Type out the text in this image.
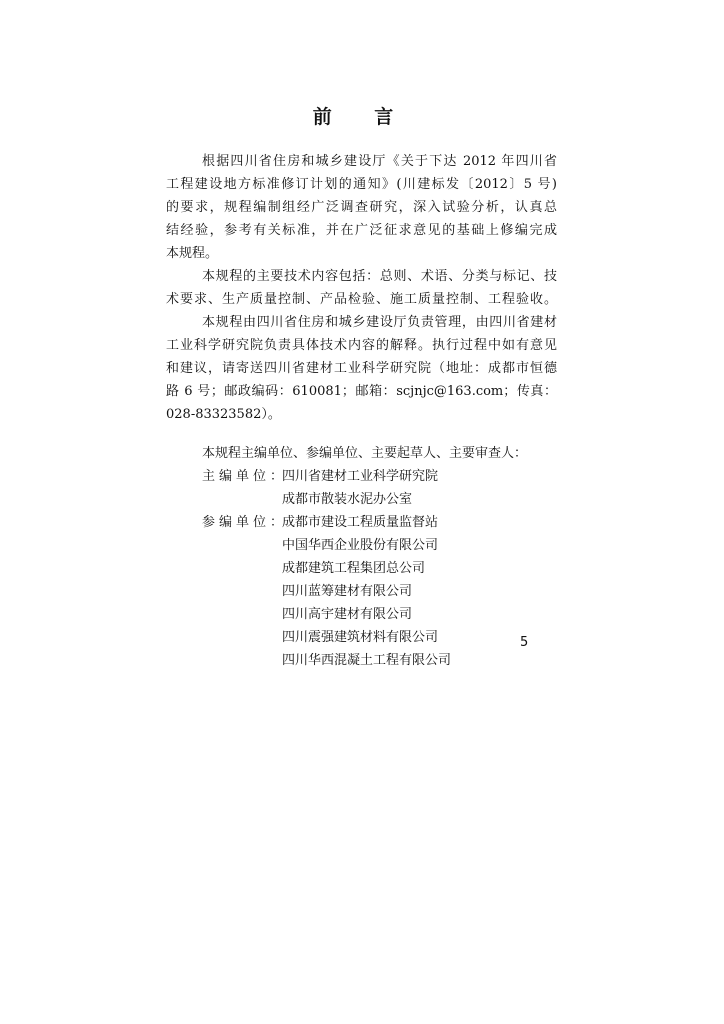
前 言
根据四川省住房和城乡建设厅《关于下达 2012 年四川省
工程建设地方标准修订计划的通知》(川建标发〔2012〕5 号)
的要求，规程编制组经广泛调查研究，深入试验分析，认真总
结经验，参考有关标准，并在广泛征求意见的基础上修编完成
本规程。
本规程的主要技术内容包括：总则、术语、分类与标记、技
术要求、生产质量控制、产品检验、施工质量控制、工程验收。
本规程由四川省住房和城乡建设厅负责管理，由四川省建材
工业科学研究院负责具体技术内容的解释。执行过程中如有意见
和建议，请寄送四川省建材工业科学研究院（地址：成都市恒德
路 6 号；邮政编码：610081；邮箱：scjnjc@163.com；传真：
028-83323582）。
本规程主编单位、参编单位、主要起草人、主要审查人：
主编单位：
四川省建材工业科学研究院
成都市散装水泥办公室
参编单位：
成都市建设工程质量监督站
中国华西企业股份有限公司
成都建筑工程集团总公司
四川蓝筹建材有限公司
四川高宇建材有限公司
四川震强建筑材料有限公司
四川华西混凝土工程有限公司
5
